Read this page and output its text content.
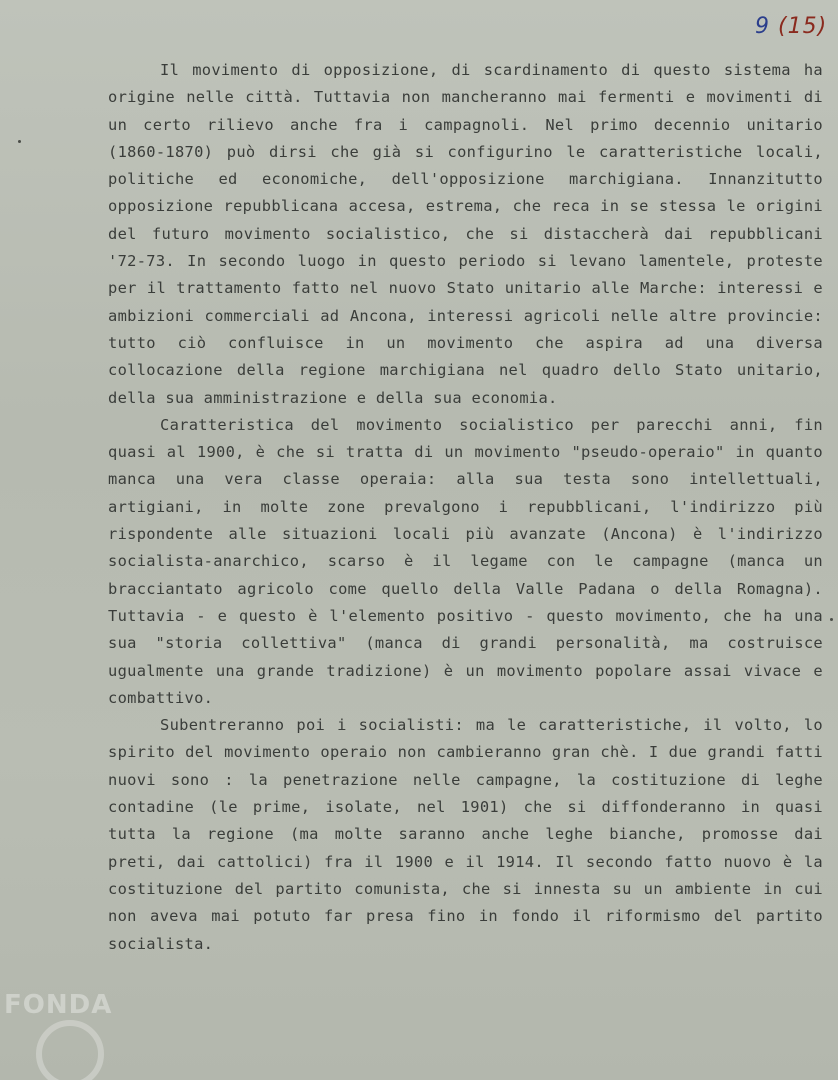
9 (15)

Il movimento di opposizione, di scardinamento di questo sistema ha origine nelle città. Tuttavia non mancheranno mai fermenti e movimenti di un certo rilievo anche fra i campagnoli. Nel primo decennio unitario (1860-1870) può dirsi che già si configurino le caratteristiche locali, politiche ed economiche, dell'opposizione marchigiana. Innanzitutto opposizione repubblicana accesa, estrema, che reca in se stessa le origini del futuro movimento socialistico, che si distaccherà dai repubblicani '72-73. In secondo luogo in questo periodo si levano lamentele, proteste per il trattamento fatto nel nuovo Stato unitario alle Marche: interessi e ambizioni commerciali ad Ancona, interessi agricoli nelle altre provincie: tutto ciò confluisce in un movimento che aspira ad una diversa collocazione della regione marchigiana nel quadro dello Stato unitario, della sua amministrazione e della sua economia.

Caratteristica del movimento socialistico per parecchi anni, fin quasi al 1900, è che si tratta di un movimento "pseudo-operaio" in quanto manca una vera classe operaia: alla sua testa sono intellettuali, artigiani, in molte zone prevalgono i repubblicani, l'indirizzo più rispondente alle situazioni locali più avanzate (Ancona) è l'indirizzo socialista-anarchico, scarso è il legame con le campagne (manca un bracciantato agricolo come quello della Valle Padana o della Romagna). Tuttavia - e questo è l'elemento positivo - questo movimento, che ha una sua "storia collettiva" (manca di grandi personalità, ma costruisce ugualmente una grande tradizione) è un movimento popolare assai vivace e combattivo.

Subentreranno poi i socialisti: ma le caratteristiche, il volto, lo spirito del movimento operaio non cambieranno gran chè. I due grandi fatti nuovi sono : la penetrazione nelle campagne, la costituzione di leghe contadine (le prime, isolate, nel 1901) che si diffonderanno in quasi tutta la regione (ma molte saranno anche leghe bianche, promosse dai preti, dai cattolici) fra il 1900 e il 1914. Il secondo fatto nuovo è la costituzione del partito comunista, che si innesta su un ambiente in cui non aveva mai potuto far presa fino in fondo il riformismo del partito socialista.

FONDA
